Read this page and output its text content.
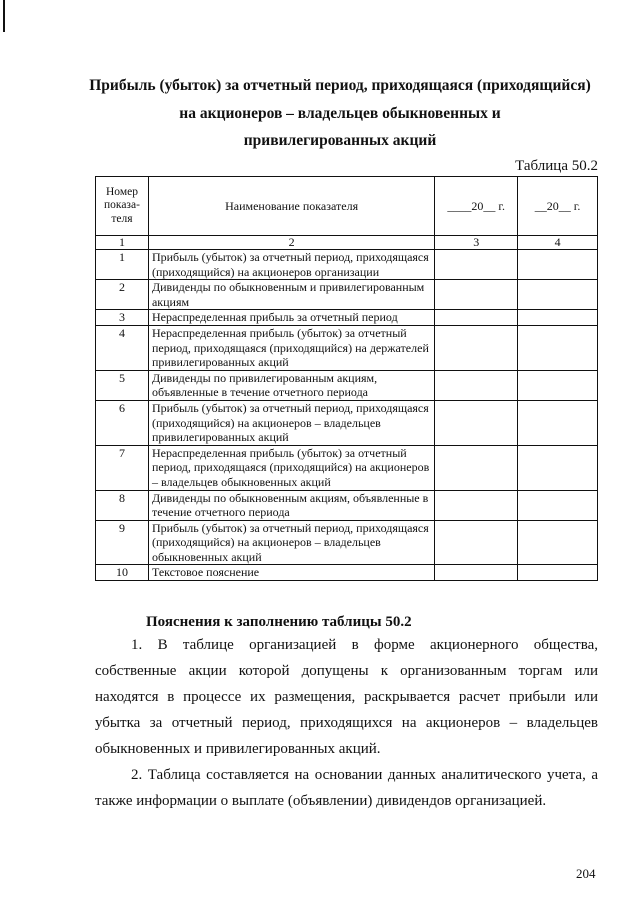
Прибыль (убыток) за отчетный период, приходящаяся (приходящийся)
на акционеров – владельцев обыкновенных и
привилегированных акций
Таблица 50.2
Номер показа-теля	Наименование показателя	____20__ г.	__20__ г.
1	2	3	4
1	Прибыль (убыток) за отчетный период, приходящаяся (приходящийся) на акционеров организации		
2	Дивиденды по обыкновенным и привилегированным акциям		
3	Нераспределенная прибыль за отчетный период		
4	Нераспределенная прибыль (убыток) за отчетный период, приходящаяся (приходящийся) на держателей привилегированных акций		
5	Дивиденды по привилегированным акциям, объявленные в течение отчетного периода		
6	Прибыль (убыток) за отчетный период, приходящаяся (приходящийся) на акционеров – владельцев привилегированных акций		
7	Нераспределенная прибыль (убыток) за отчетный период, приходящаяся (приходящийся) на акционеров – владельцев обыкновенных акций		
8	Дивиденды по обыкновенным акциям, объявленные в течение отчетного периода		
9	Прибыль (убыток) за отчетный период, приходящаяся (приходящийся) на акционеров – владельцев обыкновенных акций		
10	Текстовое пояснение		
Пояснения к заполнению таблицы 50.2
1. В таблице организацией в форме акционерного общества, собственные акции которой допущены к организованным торгам или находятся в процессе их размещения, раскрывается расчет прибыли или убытка за отчетный период, приходящихся на акционеров – владельцев обыкновенных и привилегированных акций.
2. Таблица составляется на основании данных аналитического учета, а также информации о выплате (объявлении) дивидендов организацией.
204
